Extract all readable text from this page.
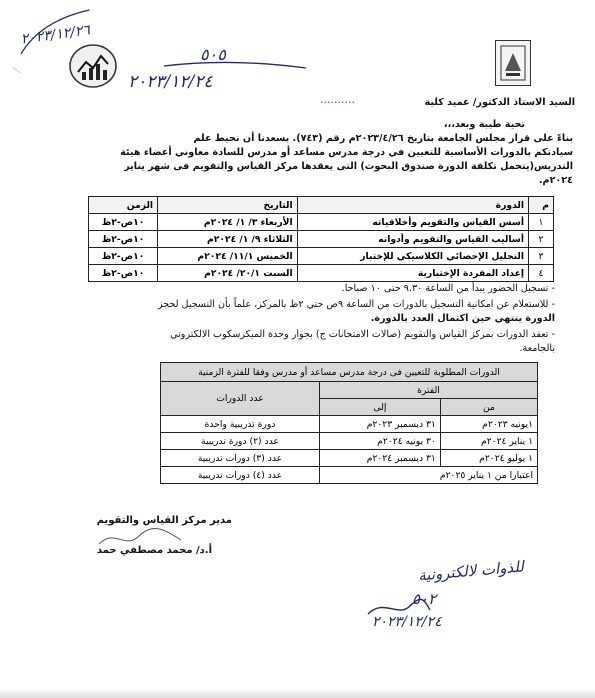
٢٠٢٣/١٢/٢٦
٥٠٥
٢٠٢٣/١٢/٢٤
السيد الاستاذ الدكتور/ عميد كلية
..........
تحية طيبة وبعد،،،
بناءً على قرار مجلس الجامعة بتاريخ ٢٠٢٣/٤/٢٦م رقم (٧٤٣). يسعدنا أن نحيط علم
سيادتكم بالدورات الأساسية للتعيين في درجة مدرس مساعد أو مدرس للسادة معاوني أعضاء هيئة
التدريس(يتحمل تكلفة الدورة صندوق البحوث) التى يعقدها مركز القياس والتقويم فى شهر يناير
٢٠٢٤م.
م	الدورة	التاريخ	الزمن
١	أسس القياس والتقويم وأخلاقياته	الأربعاء ٣/ ١/ ٢٠٢٤م	١٠ص-٢ظ
٢	أساليب القياس والتقويم وأدواته	الثلاثاء ٩/ ١/ ٢٠٢٤م	١٠ص-٢ظ
٣	التحليل الإحصائي الكلاسيكي للإختبار	الخميس ١١/١/ ٢٠٢٤م	١٠ص-٢ظ
٤	إعداد المفردة الإختبارية	السبت ٢٠/١/ ٢٠٢٤م	١٠ص-٢ظ
- تسجيل الحضور يبدأ من الساعة ٩.٣٠ حتى ١٠ صباحا.
- للاستعلام عن امكانية التسجيل بالدورات من الساعة ٩ص حتي ٢ظ بالمركز، علماً بأن التسجيل لحجز
الدورة ينتهي حين اكتمال العدد بالدورة.
- تعقد الدورات بمركز القياس والتقويم (صالات الامتحانات ج) بجوار وحدة الميكرسكوب الالكتروني
بالجامعة.
الدورات المطلوبة للتعيين فى درجة مدرس مساعد أو مدرس وفقا للفترة الزمنية		
الفترة		عدد الدورات
من	إلى	
١يونيه ٢٠٢٣م	٣١ ديسمبر ٢٠٢٣م	دورة تدريبية واحدة
١ يناير ٢٠٢٤م	٣٠ يونيه ٢٠٢٤م	عدد (٢) دورة تدريبية
١ يوليو ٢٠٢٤م	٣١ ديسمبر ٢٠٢٤م	عدد (٣) دورات تدريبية
اعتبارا من ١ يناير ٢٠٢٥م		عدد (٤) دورات تدريبية
مدير مركز القياس والتقويم
أ.د/ محمد مصطفي حمد
للذوات لالكترونية
٥٠٢
٢٠٢٣/١٢/٢٤
